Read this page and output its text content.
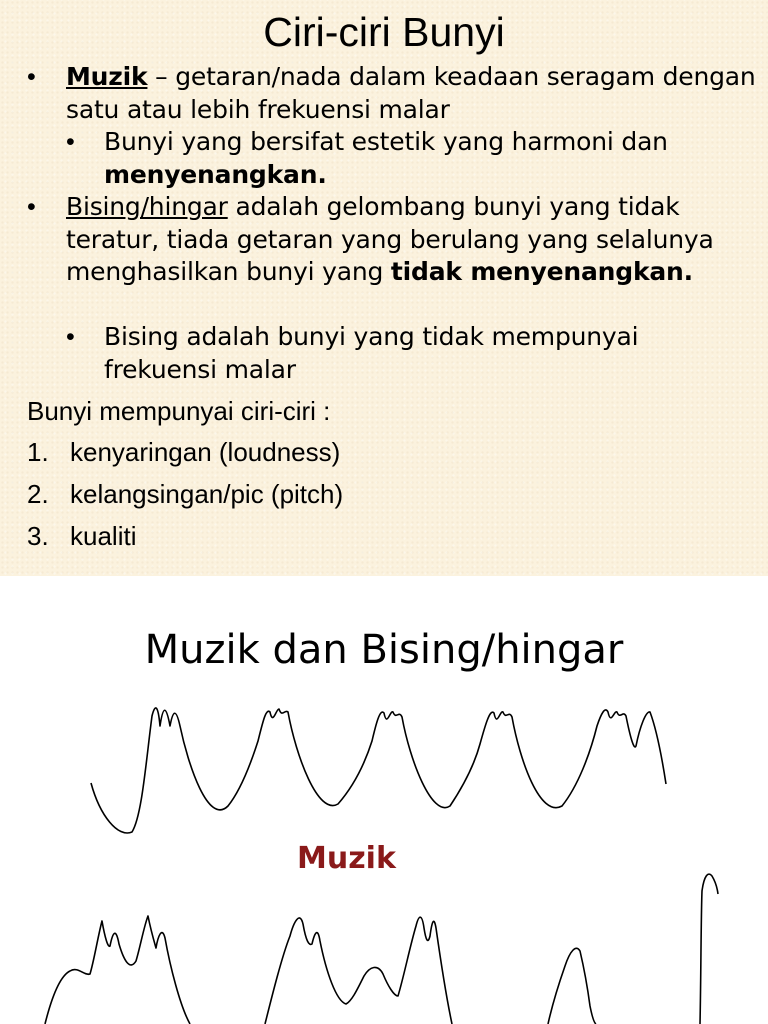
Ciri-ciri Bunyi
• Muzik – getaran/nada dalam keadaan seragam dengan satu atau lebih frekuensi malar
• Bunyi yang bersifat estetik yang harmoni dan menyenangkan.
• Bising/hingar adalah gelombang bunyi yang tidak teratur, tiada getaran yang berulang yang selalunya menghasilkan bunyi yang tidak menyenangkan.
• Bising adalah bunyi yang tidak mempunyai frekuensi malar
Bunyi mempunyai ciri-ciri :
1. kenyaringan (loudness)
2. kelangsingan/pic (pitch)
3. kualiti
Muzik dan Bising/hingar
Muzik
